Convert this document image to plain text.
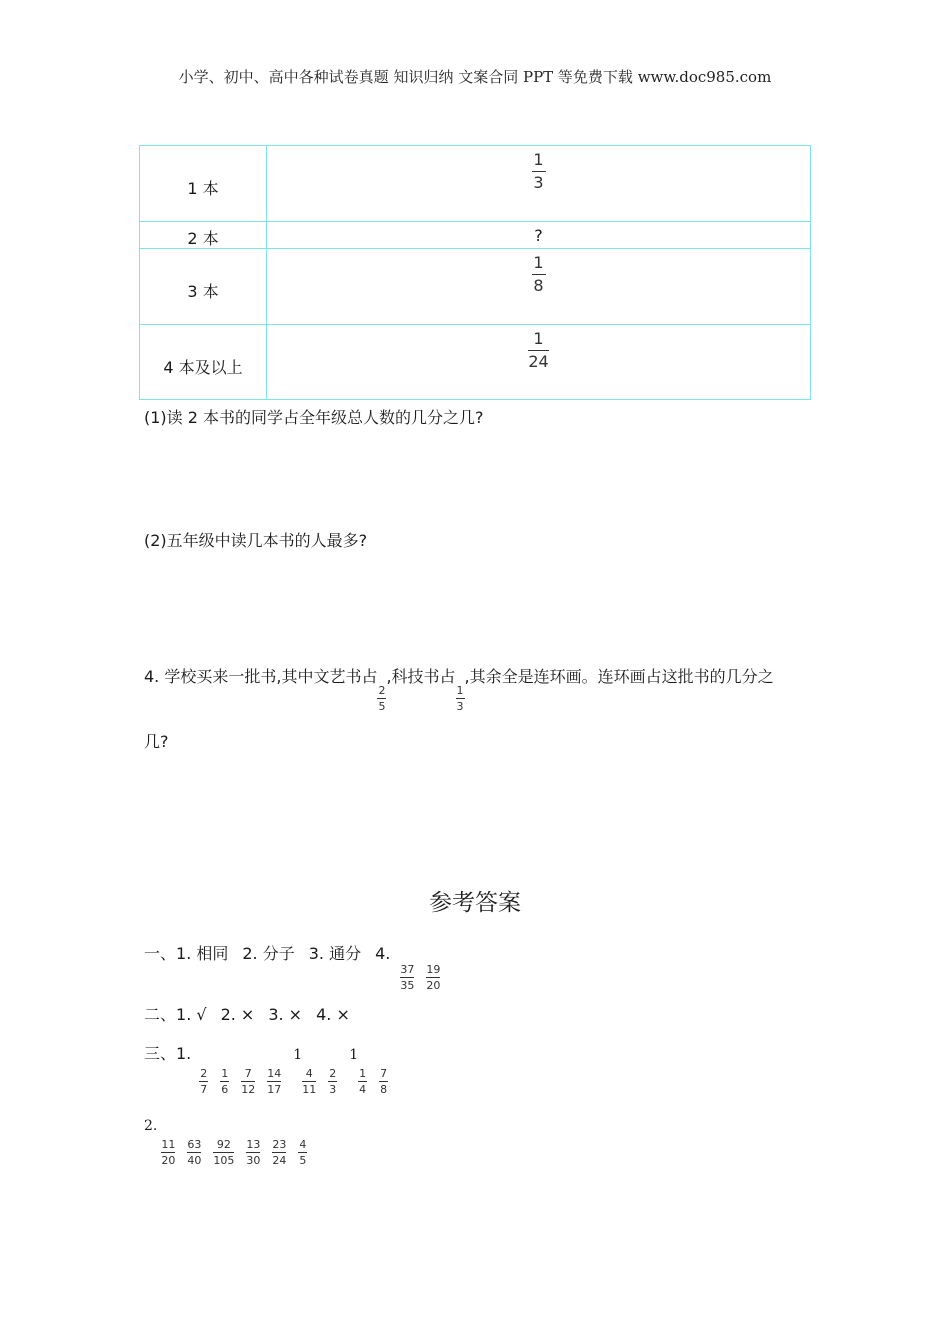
小学、初中、高中各种试卷真题 知识归纳 文案合同 PPT 等免费下载 www.doc985.com
1 本	$\frac{1}{3}$
2 本	?
3 本	$\frac{1}{8}$
4 本及以上	$\frac{1}{24}$
(1)读 2 本书的同学占全年级总人数的几分之几?
(2)五年级中读几本书的人最多?
4. 学校买来一批书,其中文艺书占
$\frac{2}{5}$
,科技书占
$\frac{1}{3}$
,其余全是连环画。连环画占这批书的几分之
几?
参考答案
一、1. 相同 2. 分子 3. 通分 4.
$\frac{37}{35} \frac{19}{20}$
二、1. √ 2. × 3. × 4. ×
三、1.
$\frac{2}{7} \frac{1}{6} \frac{7}{12} \frac{14}{17}$
1
$\frac{4}{11} \frac{2}{3}$
1
$\frac{1}{4} \frac{7}{8}$
2.
$\frac{11}{20} \frac{63}{40} \frac{92}{105} \frac{13}{30} \frac{23}{24} \frac{4}{5}$
